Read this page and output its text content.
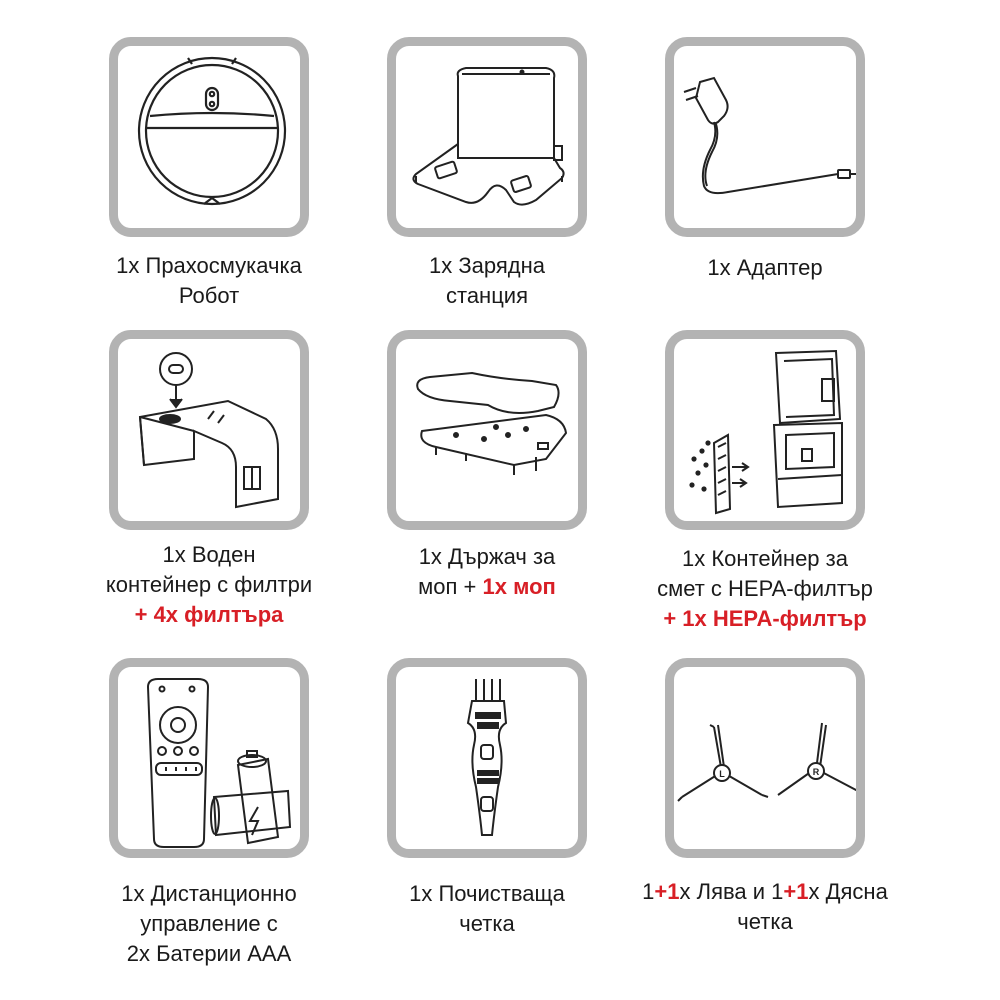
L	R
1x Прахосмукачка
Робот
1x Зарядна
станция
1x Адаптер
1x Воден
контейнер с филтри
+ 4x филтъра
1x Държач за
моп + 1x моп
1x Контейнер за
смет с HEPA-филтър
+ 1x HEPA-филтър
1x Дистанционно
управление с
2x Батерии AAA
1x Почистваща
четка
1+1x Лява и 1+1x Дясна
четка
